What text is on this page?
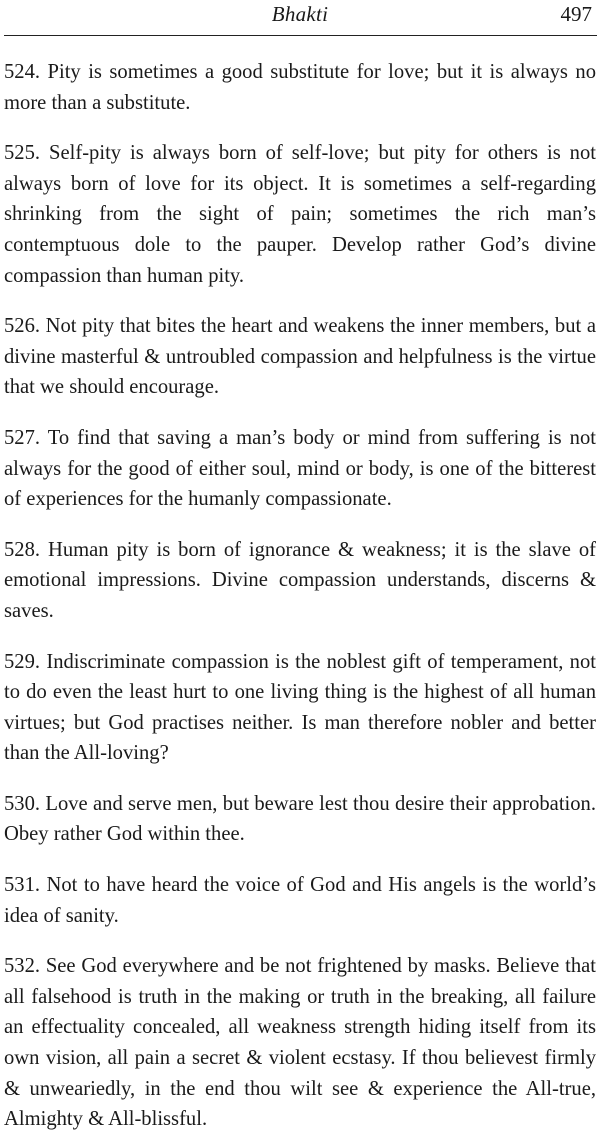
Bhakti	497

524. Pity is sometimes a good substitute for love; but it is always no more than a substitute.

525. Self-pity is always born of self-love; but pity for others is not always born of love for its object. It is sometimes a self-regarding shrinking from the sight of pain; sometimes the rich man’s contemptuous dole to the pauper. Develop rather God’s divine compassion than human pity.

526. Not pity that bites the heart and weakens the inner members, but a divine masterful & untroubled compassion and helpfulness is the virtue that we should encourage.

527. To find that saving a man’s body or mind from suffering is not always for the good of either soul, mind or body, is one of the bitterest of experiences for the humanly compassionate.

528. Human pity is born of ignorance & weakness; it is the slave of emotional impressions. Divine compassion understands, discerns & saves.

529. Indiscriminate compassion is the noblest gift of temperament, not to do even the least hurt to one living thing is the highest of all human virtues; but God practises neither. Is man therefore nobler and better than the All-loving?

530. Love and serve men, but beware lest thou desire their approbation. Obey rather God within thee.

531. Not to have heard the voice of God and His angels is the world’s idea of sanity.

532. See God everywhere and be not frightened by masks. Believe that all falsehood is truth in the making or truth in the breaking, all failure an effectuality concealed, all weakness strength hiding itself from its own vision, all pain a secret & violent ecstasy. If thou believest firmly & unweariedly, in the end thou wilt see & experience the All-true, Almighty & All-blissful.
